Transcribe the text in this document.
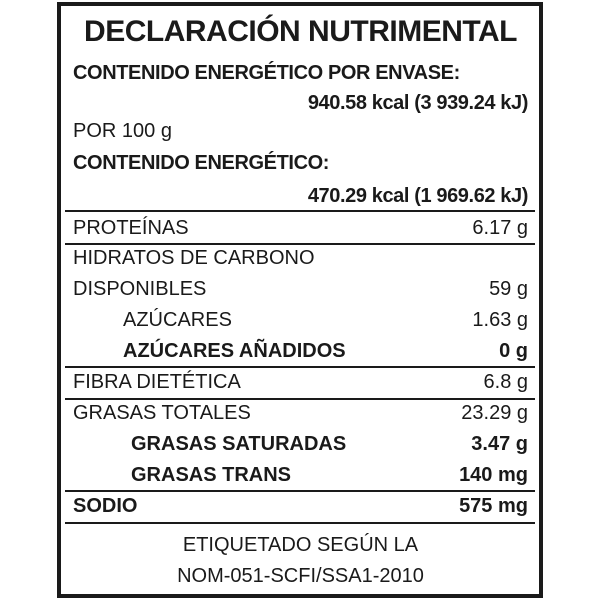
DECLARACIÓN NUTRIMENTAL
CONTENIDO ENERGÉTICO POR ENVASE:
940.58 kcal (3 939.24 kJ)
POR 100 g
CONTENIDO ENERGÉTICO:
470.29 kcal (1 969.62 kJ)
PROTEÍNAS	6.17 g
HIDRATOS DE CARBONO
DISPONIBLES	59 g
AZÚCARES	1.63 g
AZÚCARES AÑADIDOS	0 g
FIBRA DIETÉTICA	6.8 g
GRASAS TOTALES	23.29 g
GRASAS SATURADAS	3.47 g
GRASAS TRANS	140 mg
SODIO	575 mg
ETIQUETADO SEGÚN LA
NOM-051-SCFI/SSA1-2010
